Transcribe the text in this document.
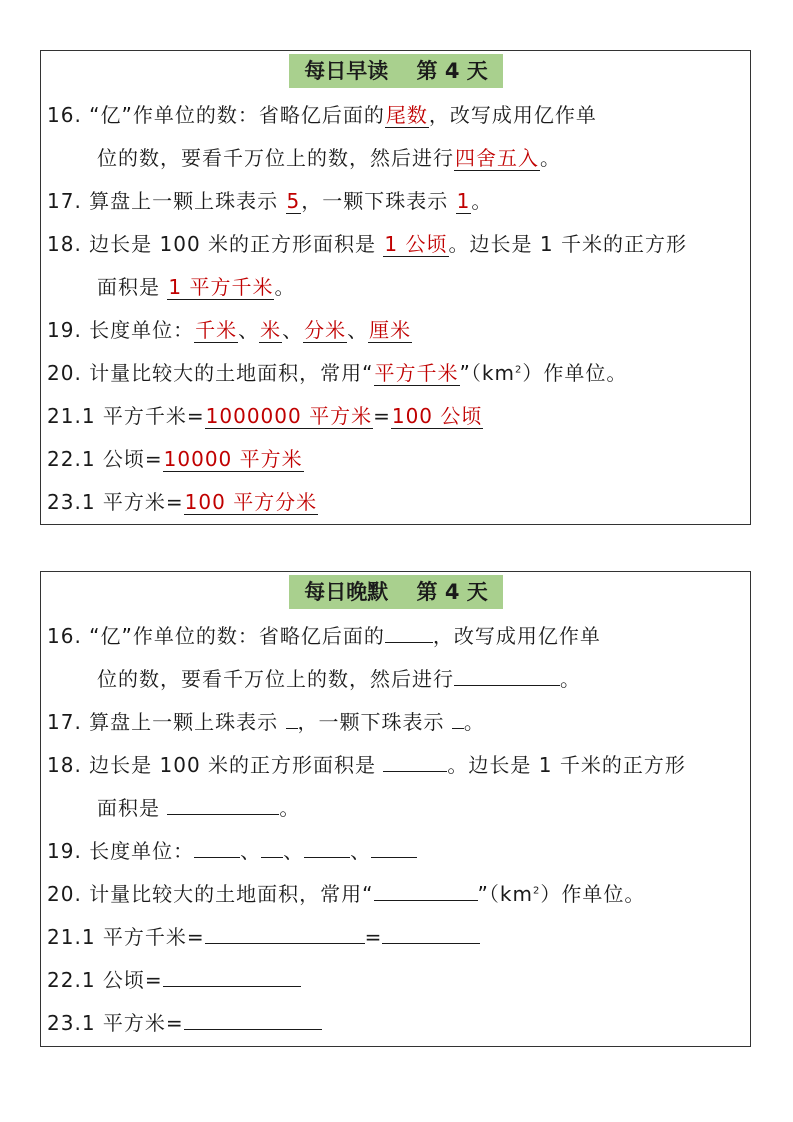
每日早读　 第 4 天
16. “亿”作单位的数：省略亿后面的尾数，改写成用亿作单
位的数，要看千万位上的数，然后进行四舍五入。
17. 算盘上一颗上珠表示 5，一颗下珠表示 1。
18. 边长是 100 米的正方形面积是 1 公顷。边长是 1 千米的正方形
面积是 1 平方千米。
19. 长度单位：千米、米、分米、厘米
20. 计量比较大的土地面积，常用“平方千米$”(km^2)$作单位。
21.1 平方千米=1000000 平方米=100 公顷
22.1 公顷=10000 平方米
23.1 平方米=100 平方分米
每日晚默　 第 4 天
16. “亿”作单位的数：省略亿后面的 ，改写成用亿作单
位的数，要看千万位上的数，然后进行	。
17. 算盘上一颗上珠表示 ，一颗下珠表示 。
18. 边长是 100 米的正方形面积是	。边长是 1 千米的正方形
面积是	。
19. 长度单位： 、 、 、
20. 计量比较大的土地面积，常用“	$”(km^2)$作单位。
21.1 平方千米=	=
22.1 公顷=
23.1 平方米=
